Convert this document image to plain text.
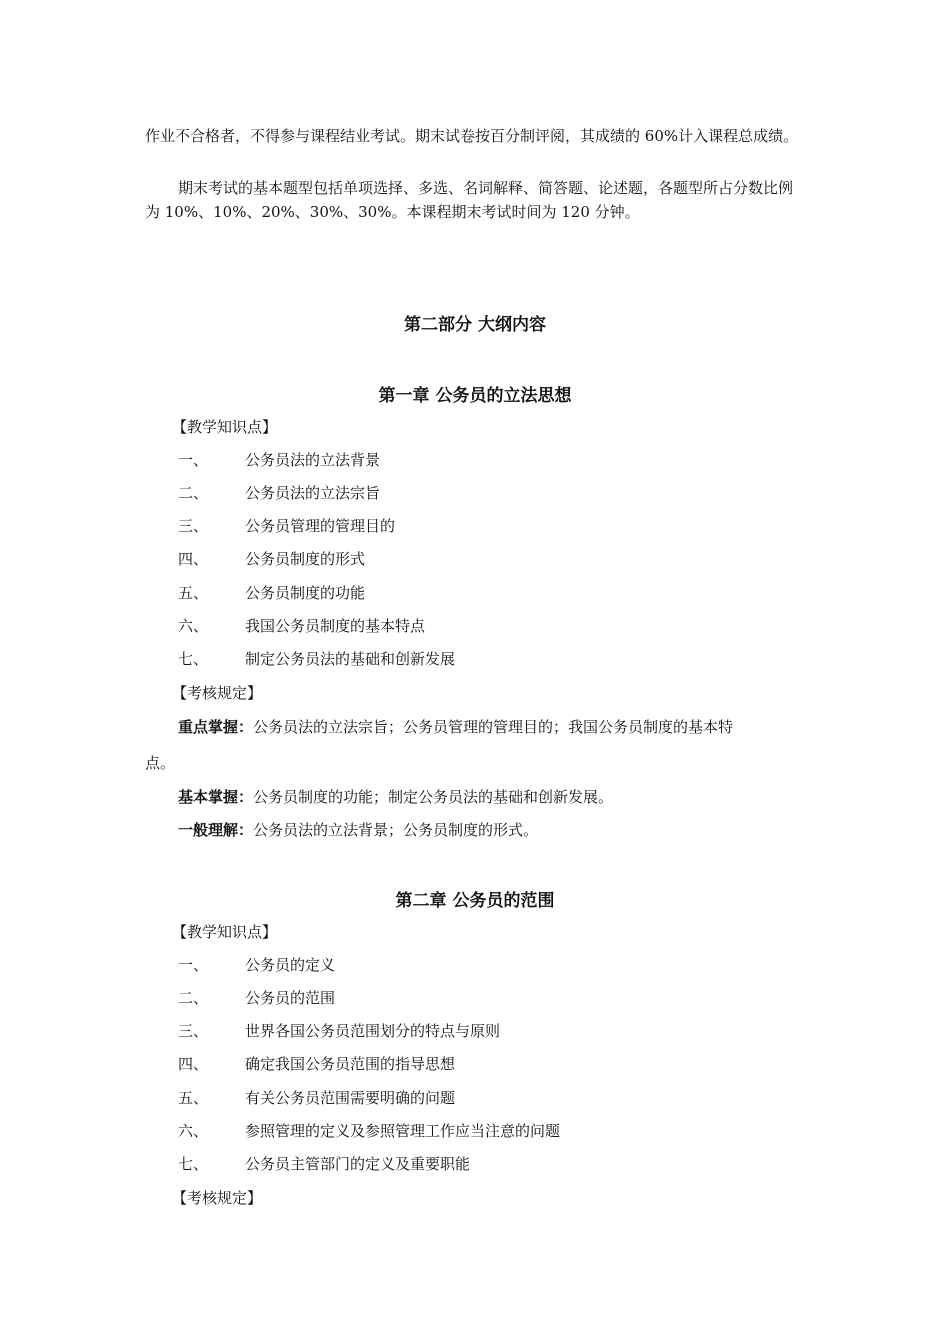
作业不合格者，不得参与课程结业考试。期末试卷按百分制评阅，其成绩的 60%计入课程总成绩。
期末考试的基本题型包括单项选择、多选、名词解释、简答题、论述题，各题型所占分数比例为 10%、10%、20%、30%、30%。本课程期末考试时间为 120 分钟。
第二部分 大纲内容
第一章 公务员的立法思想
【教学知识点】
一、 公务员法的立法背景
二、 公务员法的立法宗旨
三、 公务员管理的管理目的
四、 公务员制度的形式
五、 公务员制度的功能
六、 我国公务员制度的基本特点
七、 制定公务员法的基础和创新发展
【考核规定】
重点掌握：公务员法的立法宗旨；公务员管理的管理目的；我国公务员制度的基本特
点。
基本掌握：公务员制度的功能；制定公务员法的基础和创新发展。
一般理解：公务员法的立法背景；公务员制度的形式。
第二章 公务员的范围
【教学知识点】
一、 公务员的定义
二、 公务员的范围
三、 世界各国公务员范围划分的特点与原则
四、 确定我国公务员范围的指导思想
五、 有关公务员范围需要明确的问题
六、 参照管理的定义及参照管理工作应当注意的问题
七、 公务员主管部门的定义及重要职能
【考核规定】
